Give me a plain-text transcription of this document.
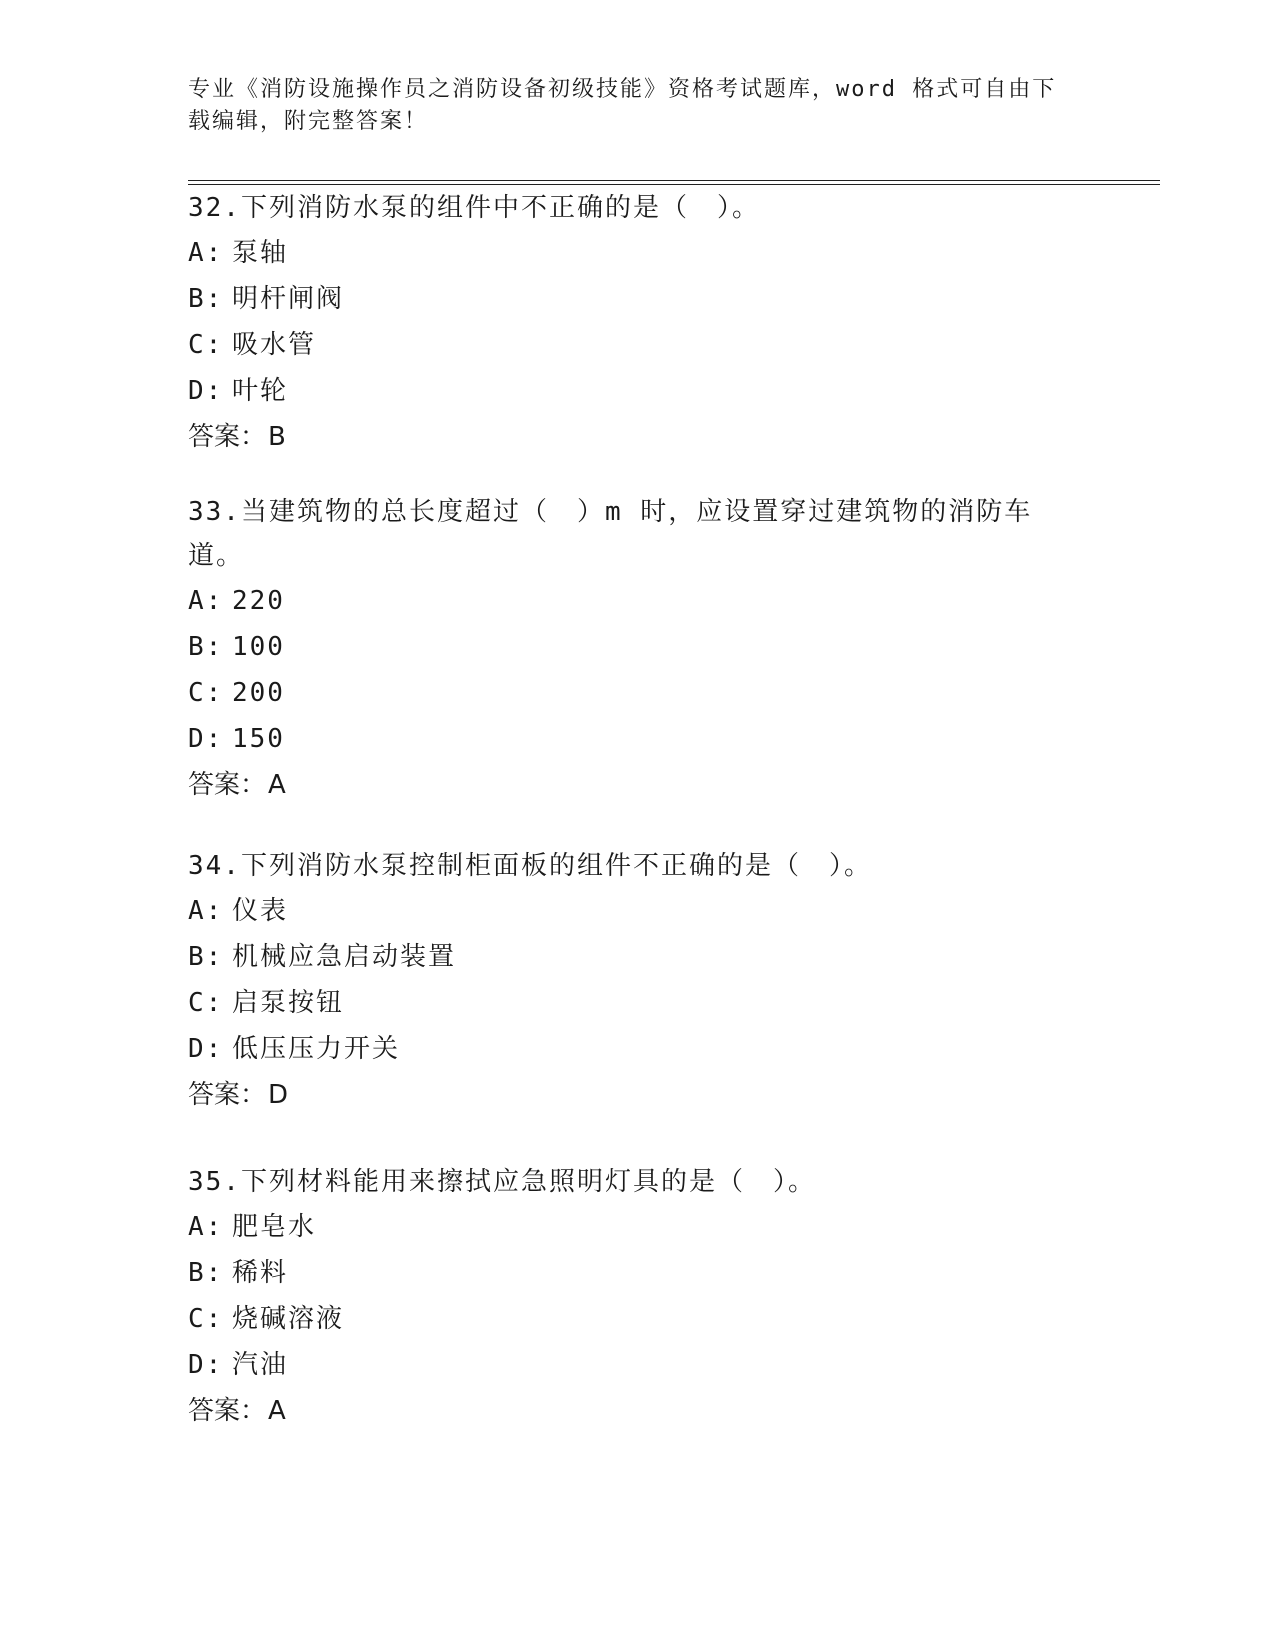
专业《消防设施操作员之消防设备初级技能》资格考试题库，word 格式可自由下载编辑，附完整答案！

32.下列消防水泵的组件中不正确的是（　）。

A: 泵轴

B: 明杆闸阀

C: 吸水管

D: 叶轮

答案：B

33.当建筑物的总长度超过（　）m 时，应设置穿过建筑物的消防车道。

A: 220

B: 100

C: 200

D: 150

答案：A

34.下列消防水泵控制柜面板的组件不正确的是（　）。

A: 仪表

B: 机械应急启动装置

C: 启泵按钮

D: 低压压力开关

答案：D

35.下列材料能用来擦拭应急照明灯具的是（　）。

A: 肥皂水

B: 稀料

C: 烧碱溶液

D: 汽油

答案：A
